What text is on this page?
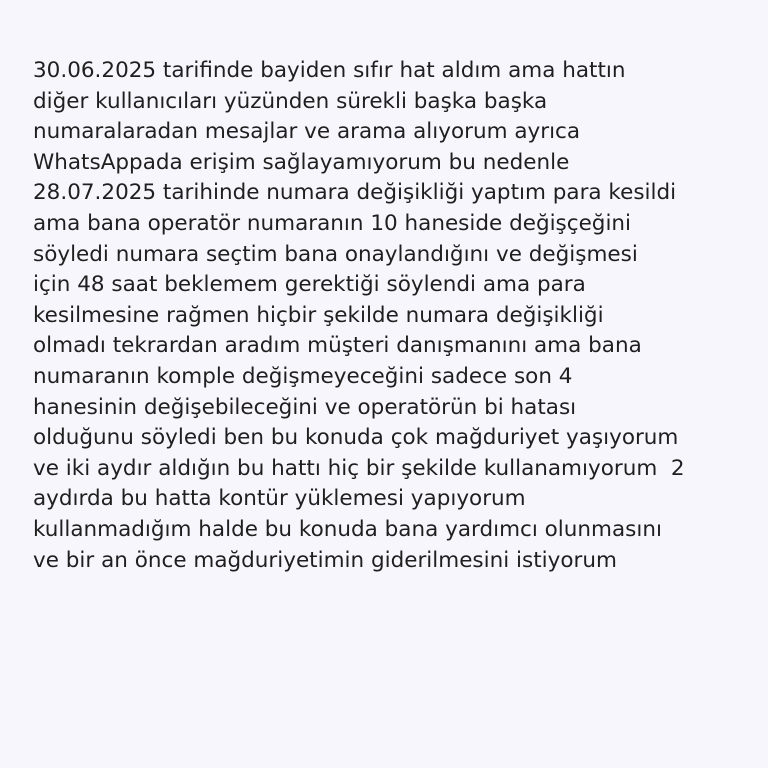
30.06.2025 tarifinde bayiden sıfır hat aldım ama hattın
diğer kullanıcıları yüzünden sürekli başka başka
numaralaradan mesajlar ve arama alıyorum ayrıca
WhatsAppada erişim sağlayamıyorum bu nedenle
28.07.2025 tarihinde numara değişikliği yaptım para kesildi
ama bana operatör numaranın 10 haneside değişçeğini
söyledi numara seçtim bana onaylandığını ve değişmesi
için 48 saat beklemem gerektiği söylendi ama para
kesilmesine rağmen hiçbir şekilde numara değişikliği
olmadı tekrardan aradım müşteri danışmanını ama bana
numaranın komple değişmeyeceğini sadece son 4
hanesinin değişebileceğini ve operatörün bi hatası
olduğunu söyledi ben bu konuda çok mağduriyet yaşıyorum
ve iki aydır aldığın bu hattı hiç bir şekilde kullanamıyorum  2
aydırda bu hatta kontür yüklemesi yapıyorum
kullanmadığım halde bu konuda bana yardımcı olunmasını
ve bir an önce mağduriyetimin giderilmesini istiyorum
